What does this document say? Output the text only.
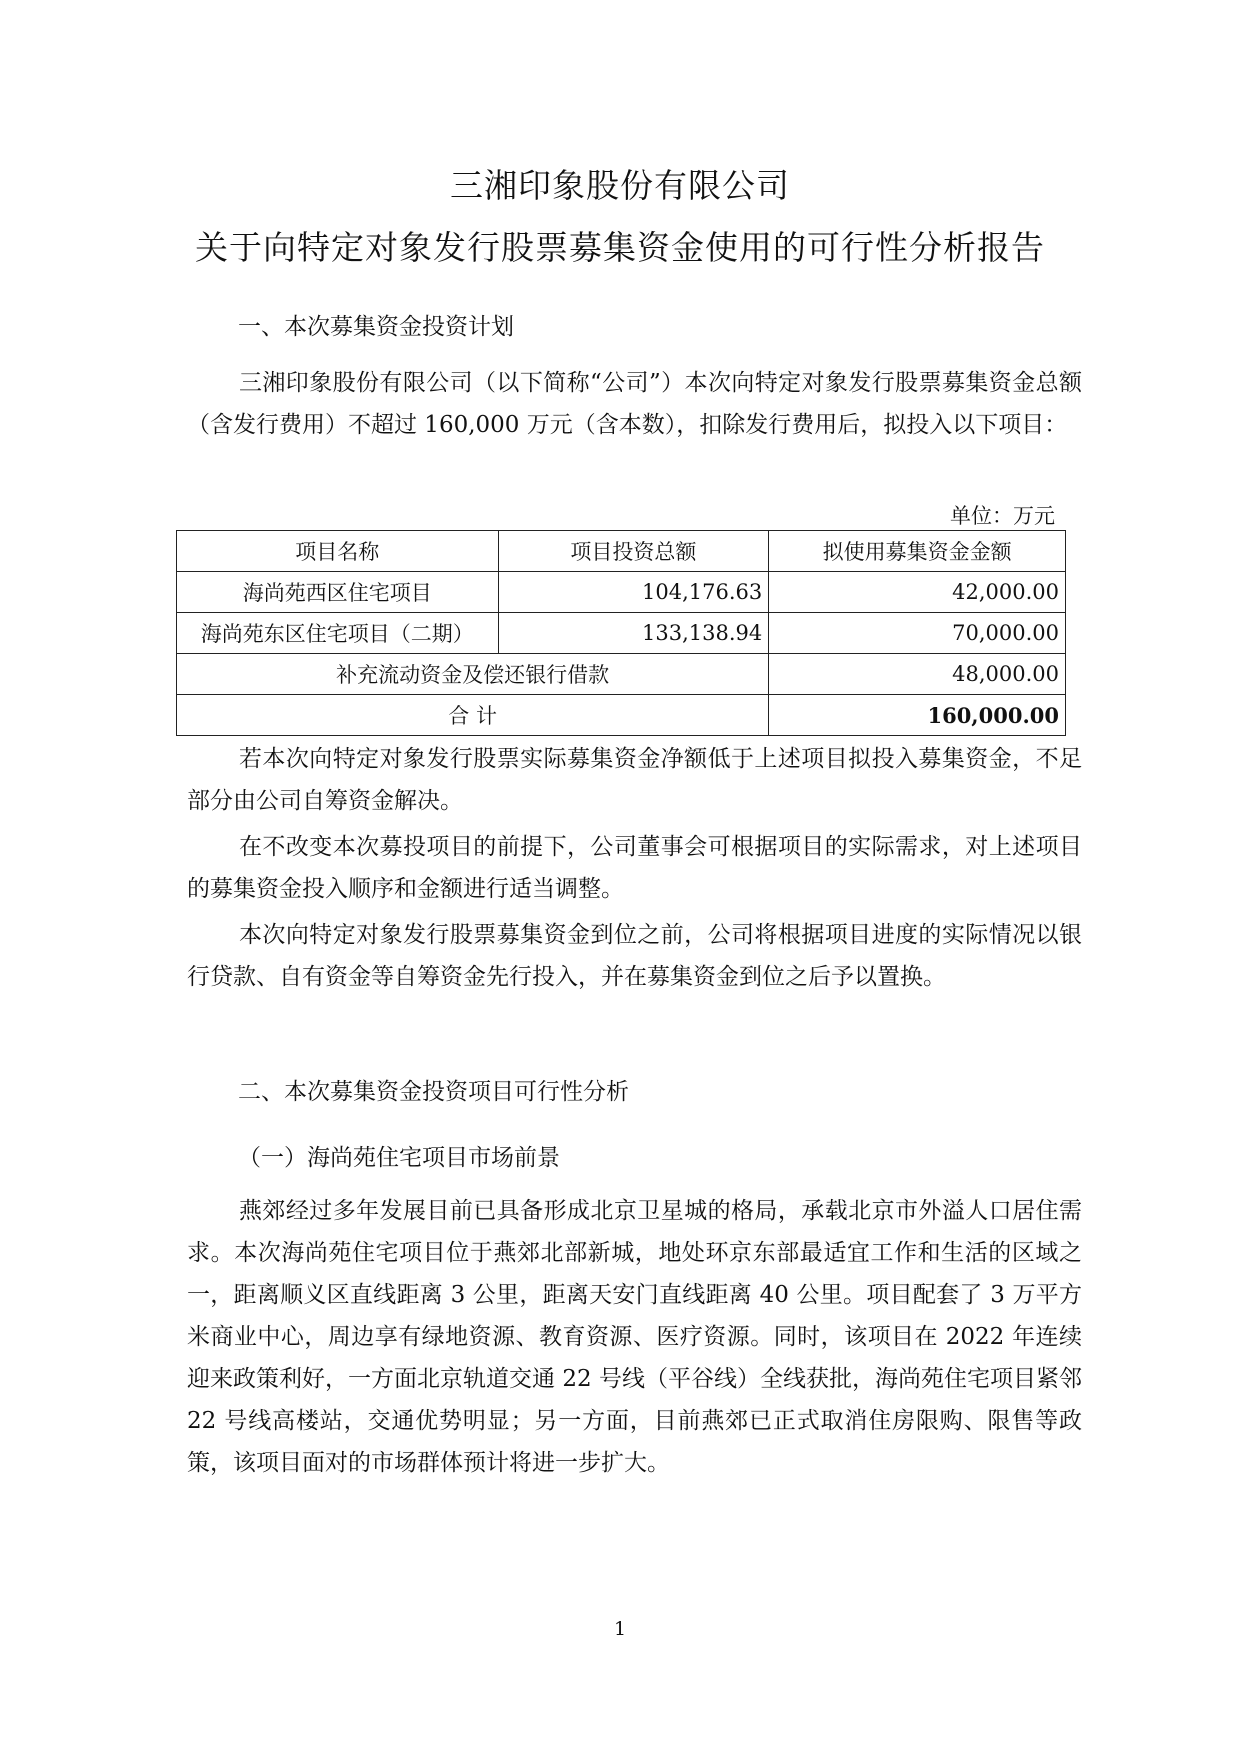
三湘印象股份有限公司
关于向特定对象发行股票募集资金使用的可行性分析报告

一、本次募集资金投资计划

三湘印象股份有限公司（以下简称“公司”）本次向特定对象发行股票募集资金总额（含发行费用）不超过 160,000 万元（含本数），扣除发行费用后，拟投入以下项目：

单位：万元
项目名称	项目投资总额	拟使用募集资金金额
海尚苑西区住宅项目	104,176.63	42,000.00
海尚苑东区住宅项目（二期）	133,138.94	70,000.00
补充流动资金及偿还银行借款		48,000.00
合 计		160,000.00

若本次向特定对象发行股票实际募集资金净额低于上述项目拟投入募集资金，不足部分由公司自筹资金解决。

在不改变本次募投项目的前提下，公司董事会可根据项目的实际需求，对上述项目的募集资金投入顺序和金额进行适当调整。

本次向特定对象发行股票募集资金到位之前，公司将根据项目进度的实际情况以银行贷款、自有资金等自筹资金先行投入，并在募集资金到位之后予以置换。

二、本次募集资金投资项目可行性分析

（一）海尚苑住宅项目市场前景

燕郊经过多年发展目前已具备形成北京卫星城的格局，承载北京市外溢人口居住需求。本次海尚苑住宅项目位于燕郊北部新城，地处环京东部最适宜工作和生活的区域之一，距离顺义区直线距离 3 公里，距离天安门直线距离 40 公里。项目配套了 3 万平方米商业中心，周边享有绿地资源、教育资源、医疗资源。同时，该项目在 2022 年连续迎来政策利好，一方面北京轨道交通 22 号线（平谷线）全线获批，海尚苑住宅项目紧邻 22 号线高楼站，交通优势明显；另一方面，目前燕郊已正式取消住房限购、限售等政策，该项目面对的市场群体预计将进一步扩大。

1
